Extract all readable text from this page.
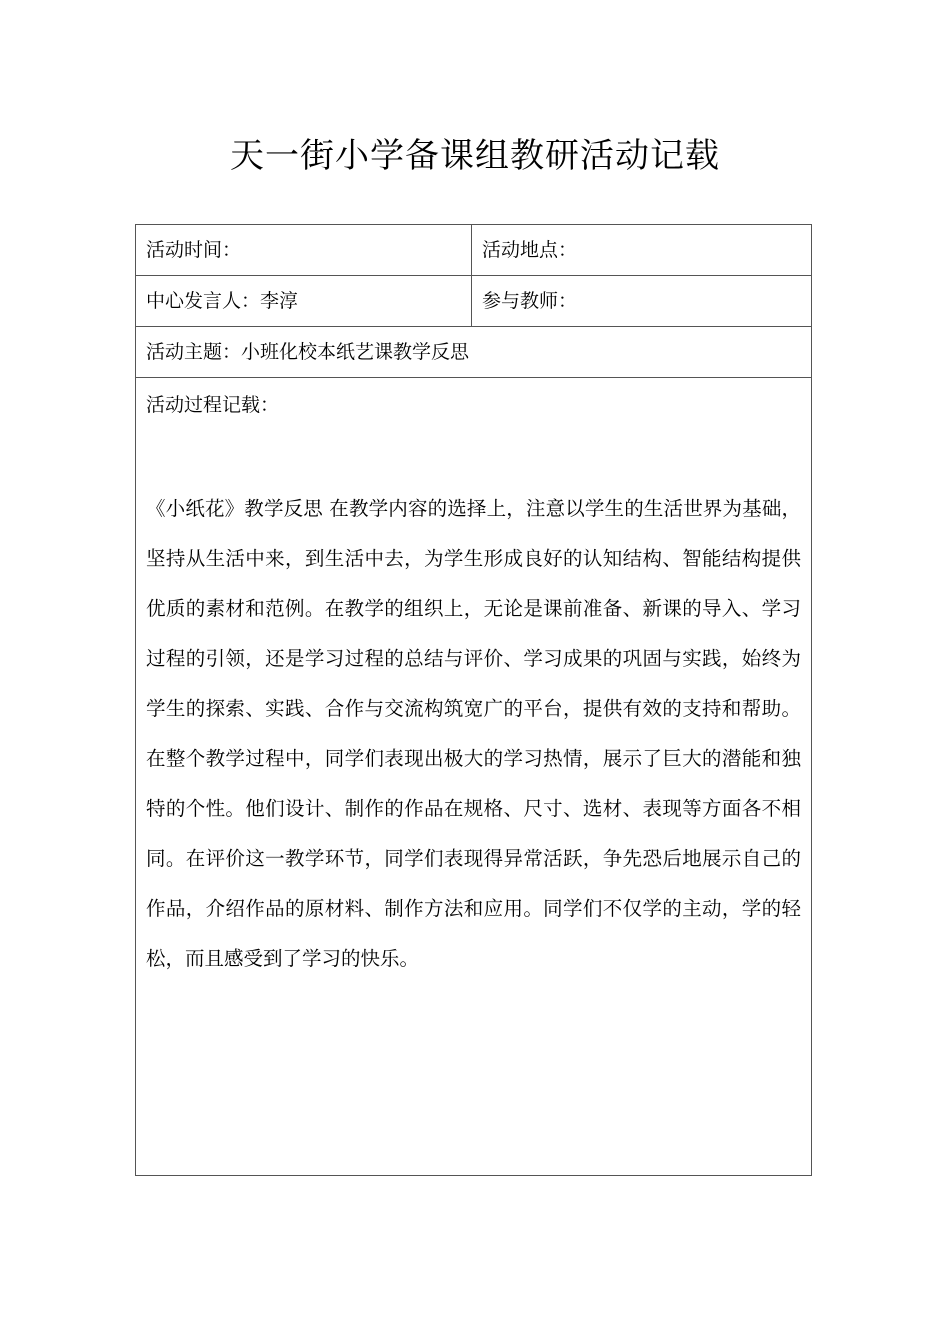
天一街小学备课组教研活动记载
活动时间：	活动地点：
中心发言人：李淳	参与教师：
活动主题：小班化校本纸艺课教学反思	

活动过程记载：

《小纸花》教学反思 在教学内容的选择上，注意以学生的生活世界为基础，坚持从生活中来，到生活中去，为学生形成良好的认知结构、智能结构提供优质的素材和范例。在教学的组织上，无论是课前准备、新课的导入、学习过程的引领，还是学习过程的总结与评价、学习成果的巩固与实践，始终为学生的探索、实践、合作与交流构筑宽广的平台，提供有效的支持和帮助。在整个教学过程中，同学们表现出极大的学习热情，展示了巨大的潜能和独特的个性。他们设计、制作的作品在规格、尺寸、选材、表现等方面各不相同。在评价这一教学环节，同学们表现得异常活跃，争先恐后地展示自己的作品，介绍作品的原材料、制作方法和应用。同学们不仅学的主动，学的轻松，而且感受到了学习的快乐。	
